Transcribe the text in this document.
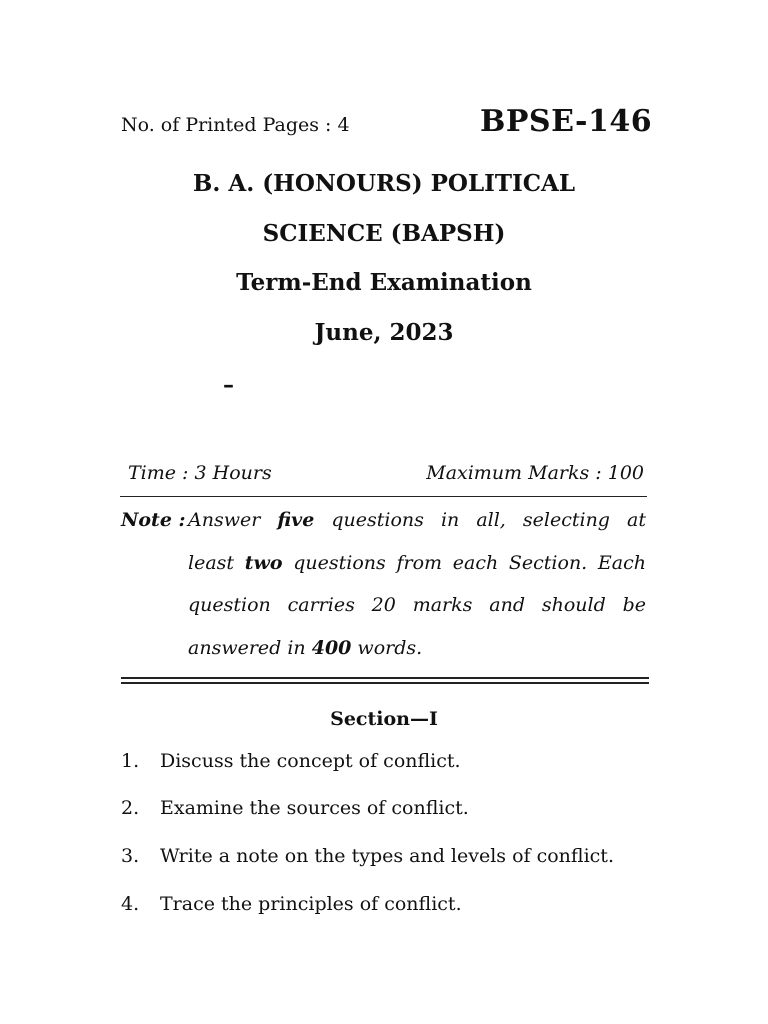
No. of Printed Pages : 4	BPSE-146
B. A. (HONOURS) POLITICAL
SCIENCE (BAPSH)
Term-End Examination
June, 2023
–
Time : 3 Hours	Maximum Marks : 100
Note : Answer five questions in all, selecting at
least two questions from each Section. Each
question carries 20 marks and should be
answered in 400 words.
Section—I
1. Discuss the concept of conflict.
2. Examine the sources of conflict.
3. Write a note on the types and levels of conflict.
4. Trace the principles of conflict.
